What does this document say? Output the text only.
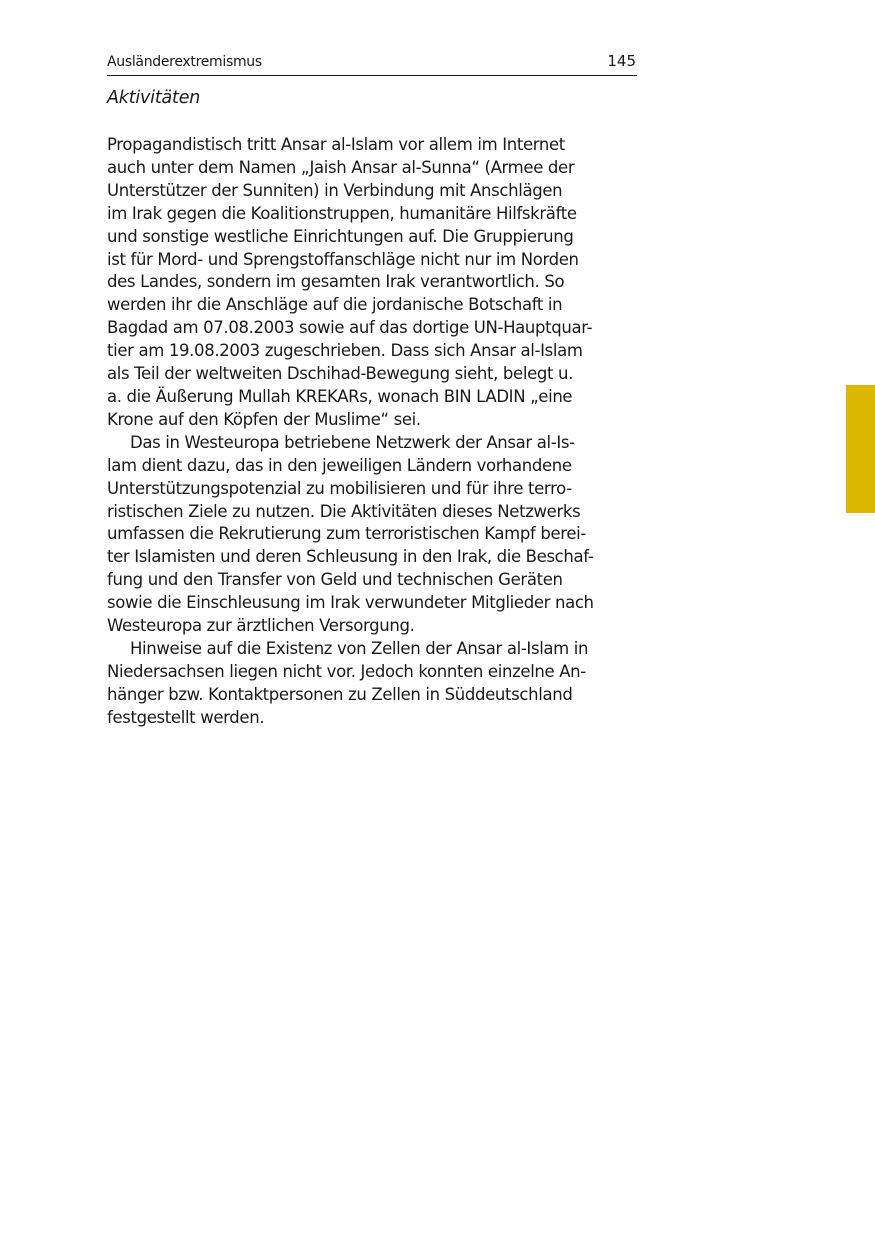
Ausländerextremismus	145
Aktivitäten
Propagandistisch tritt Ansar al-Islam vor allem im Internet
auch unter dem Namen „Jaish Ansar al-Sunna“ (Armee der
Unterstützer der Sunniten) in Verbindung mit Anschlägen
im Irak gegen die Koalitionstruppen, humanitäre Hilfskräfte
und sonstige westliche Einrichtungen auf. Die Gruppierung
ist für Mord- und Sprengstoffanschläge nicht nur im Norden
des Landes, sondern im gesamten Irak verantwortlich. So
werden ihr die Anschläge auf die jordanische Botschaft in
Bagdad am 07.08.2003 sowie auf das dortige UN-Hauptquar-
tier am 19.08.2003 zugeschrieben. Dass sich Ansar al-Islam
als Teil der weltweiten Dschihad-Bewegung sieht, belegt u.
a. die Äußerung Mullah KREKARs, wonach BIN LADIN „eine
Krone auf den Köpfen der Muslime“ sei.
Das in Westeuropa betriebene Netzwerk der Ansar al-Is-
lam dient dazu, das in den jeweiligen Ländern vorhandene
Unterstützungspotenzial zu mobilisieren und für ihre terro-
ristischen Ziele zu nutzen. Die Aktivitäten dieses Netzwerks
umfassen die Rekrutierung zum terroristischen Kampf berei-
ter Islamisten und deren Schleusung in den Irak, die Beschaf-
fung und den Transfer von Geld und technischen Geräten
sowie die Einschleusung im Irak verwundeter Mitglieder nach
Westeuropa zur ärztlichen Versorgung.
Hinweise auf die Existenz von Zellen der Ansar al-Islam in
Niedersachsen liegen nicht vor. Jedoch konnten einzelne An-
hänger bzw. Kontaktpersonen zu Zellen in Süddeutschland
festgestellt werden.
